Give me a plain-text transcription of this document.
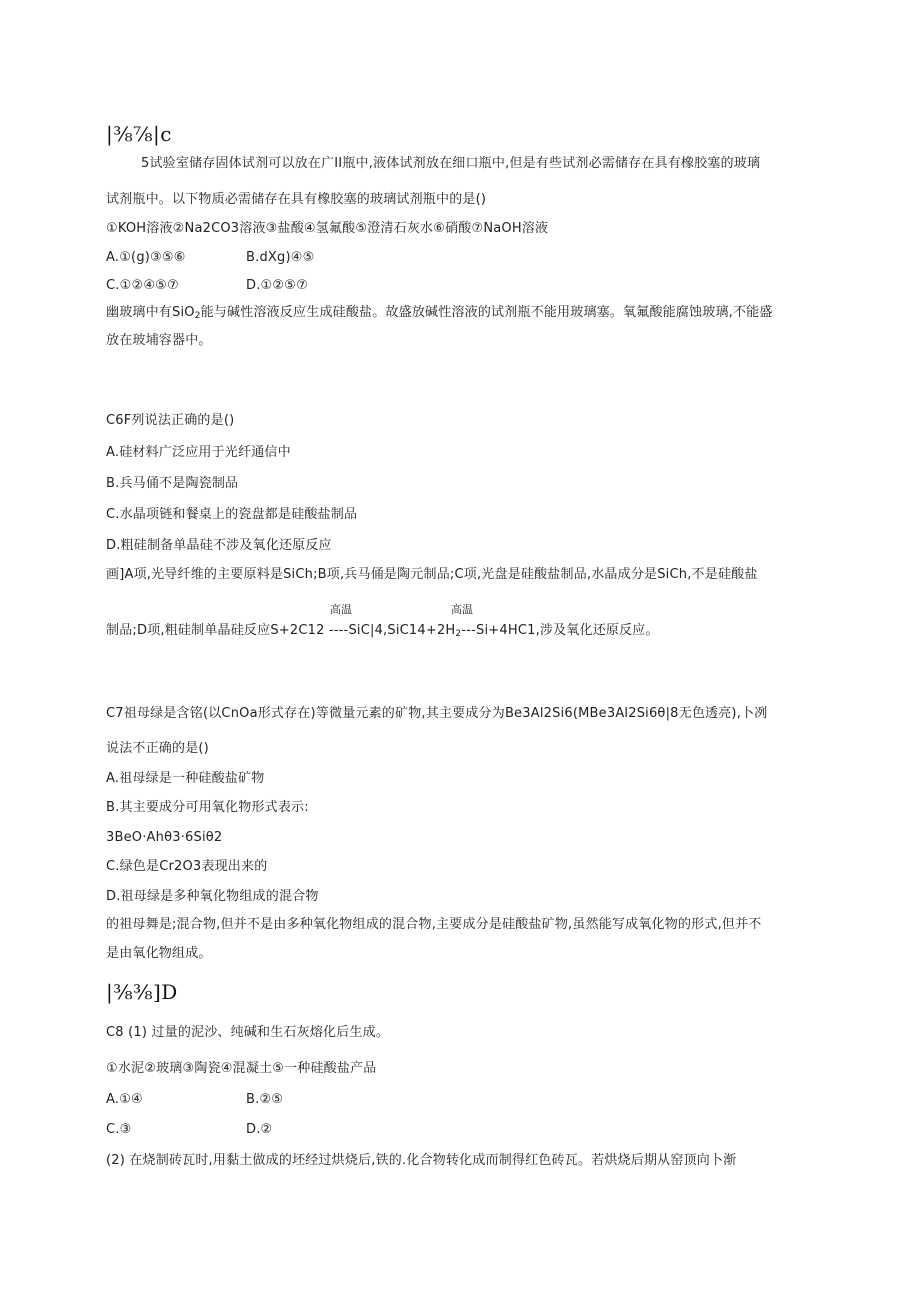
|⅜⅞|c
5试验室储存固体试剂可以放在广II瓶中,液体试剂放在细口瓶中,但是有些试剂必需储存在具有橡胶塞的玻璃
试剂瓶中。以下物质必需储存在具有橡胶塞的玻璃试剂瓶中的是()
①KOH溶液②Na2CO3溶液③盐酸④氢氟酸⑤澄清石灰水⑥硝酸⑦NaOH溶液
A.①(g)③⑤⑥	B.dXg)④⑤
C.①②④⑤⑦	D.①②⑤⑦
幽玻璃中有SiO$_2$能与碱性溶液反应生成硅酸盐。故盛放碱性溶液的试剂瓶不能用玻璃塞。氧氟酸能腐蚀玻璃,不能盛
放在玻埔容器中。
C6F列说法正确的是()
A.硅材料广泛应用于光纤通信中
B.兵马俑不是陶瓷制品
C.水晶项链和餐桌上的瓷盘都是硅酸盐制品
D.粗硅制备单晶硅不涉及氧化还原反应
画]A项,光导纤维的主要原料是SiCh;B项,兵马俑是陶元制品;C项,光盘是硅酸盐制品,水晶成分是SiCh,不是硅酸盐
高温	高温
制品;D项,粗硅制单晶硅反应S+2C12 $----SiC|4,SiC14+2H_2---Si+4HC1$,涉及氧化还原反应。
C7祖母绿是含铭(以CnOa形式存在)等微量元素的矿物,其主要成分为Be3Al2Si6(MBe3Al2Si6θ|8无色透亮),卜冽
说法不正确的是()
A.祖母绿是一种硅酸盐矿物
B.其主要成分可用氧化物形式表示:
3BeO·Ahθ3·6Siθ2
C.绿色是Cr2O3表现出来的
D.祖母绿是多种氧化物组成的混合物
的祖母舞是;混合物,但并不是由多种氧化物组成的混合物,主要成分是硅酸盐矿物,虽然能写成氧化物的形式,但并不
是由氧化物组成。
|⅜⅜]D
C8 (1) 过量的泥沙、纯碱和生石灰熔化后生成。
①水泥②玻璃③陶瓷④混凝土⑤一种硅酸盐产品
A.①④	B.②⑤
C.③	D.②
(2) 在烧制砖瓦时,用黏土做成的坯经过烘烧后,铁的.化合物转化成而制得红色砖瓦。若烘烧后期从窑顶向卜渐
